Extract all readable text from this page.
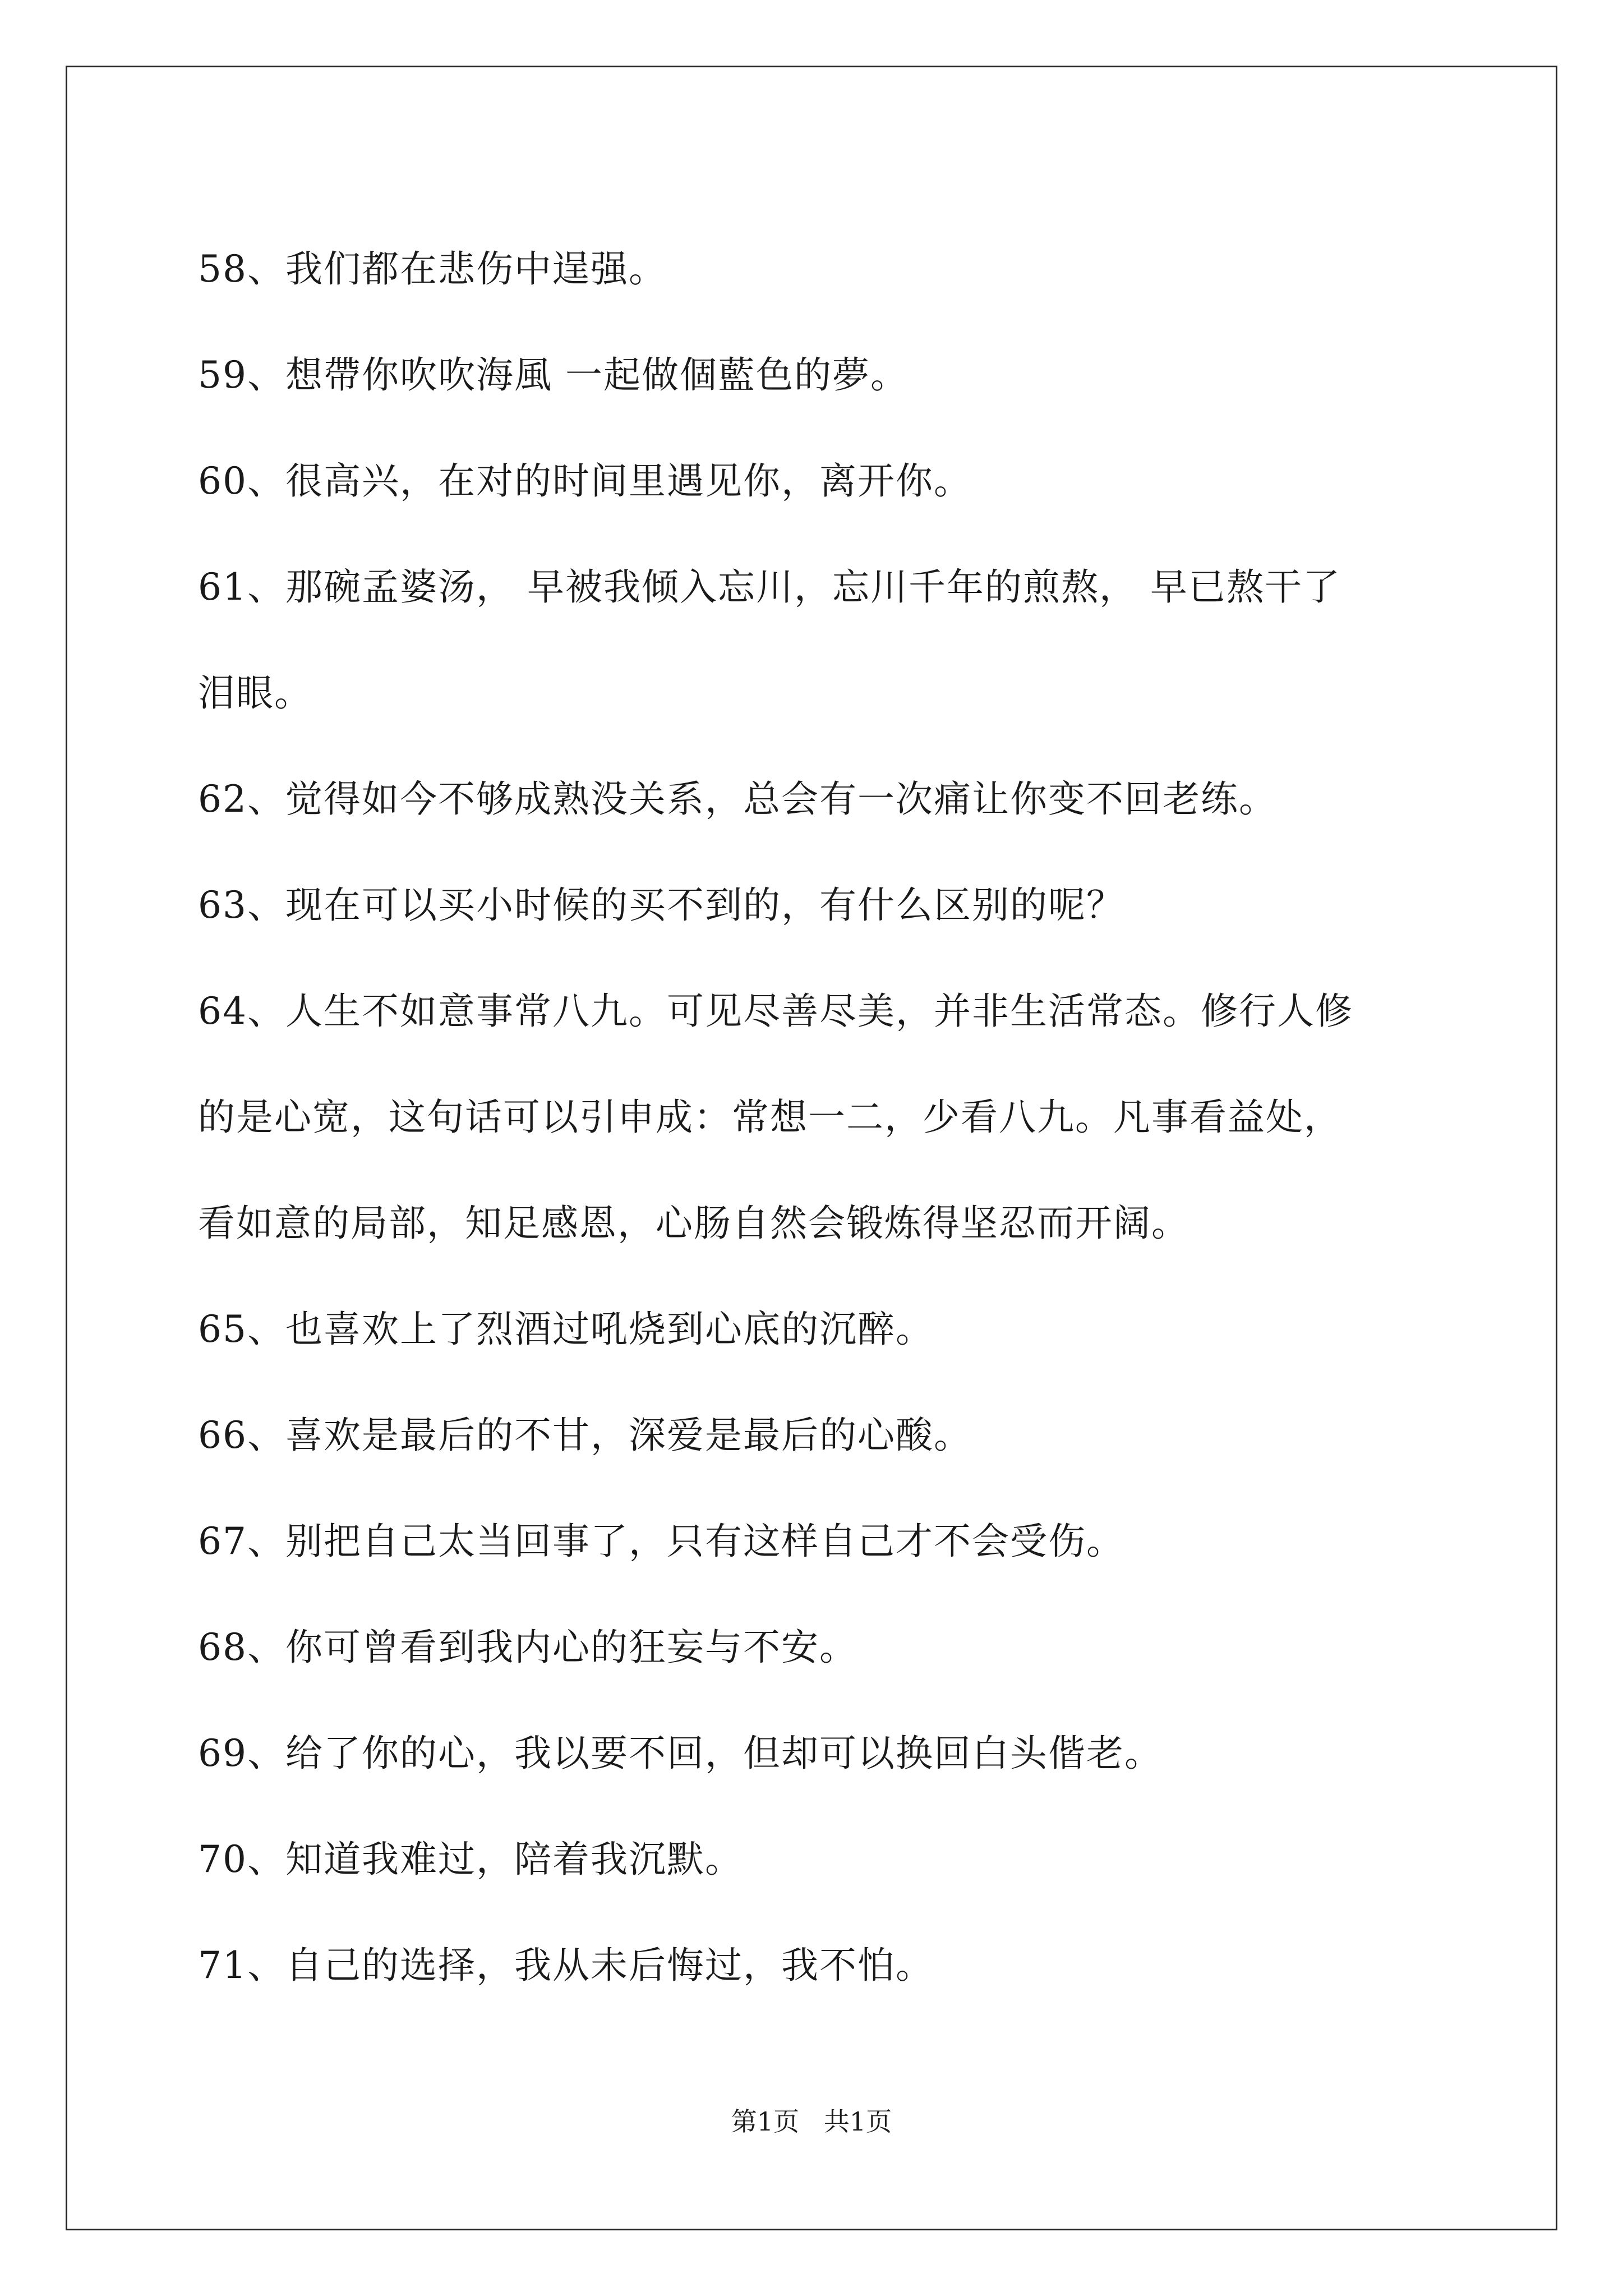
58、我们都在悲伤中逞强。
59、想帶你吹吹海風 一起做個藍色的夢。
60、很高兴，在对的时间里遇见你，离开你。
61、那碗孟婆汤， 早被我倾入忘川，忘川千年的煎熬， 早已熬干了
泪眼。
62、觉得如今不够成熟没关系，总会有一次痛让你变不回老练。
63、现在可以买小时候的买不到的，有什么区别的呢？
64、人生不如意事常八九。可见尽善尽美，并非生活常态。修行人修
的是心宽，这句话可以引申成：常想一二，少看八九。凡事看益处，
看如意的局部，知足感恩，心肠自然会锻炼得坚忍而开阔。
65、也喜欢上了烈酒过吼烧到心底的沉醉。
66、喜欢是最后的不甘，深爱是最后的心酸。
67、别把自己太当回事了，只有这样自己才不会受伤。
68、你可曾看到我内心的狂妄与不安。
69、给了你的心，我以要不回，但却可以换回白头偕老。
70、知道我难过，陪着我沉默。
71、自己的选择，我从未后悔过，我不怕。
第1页   共1页
